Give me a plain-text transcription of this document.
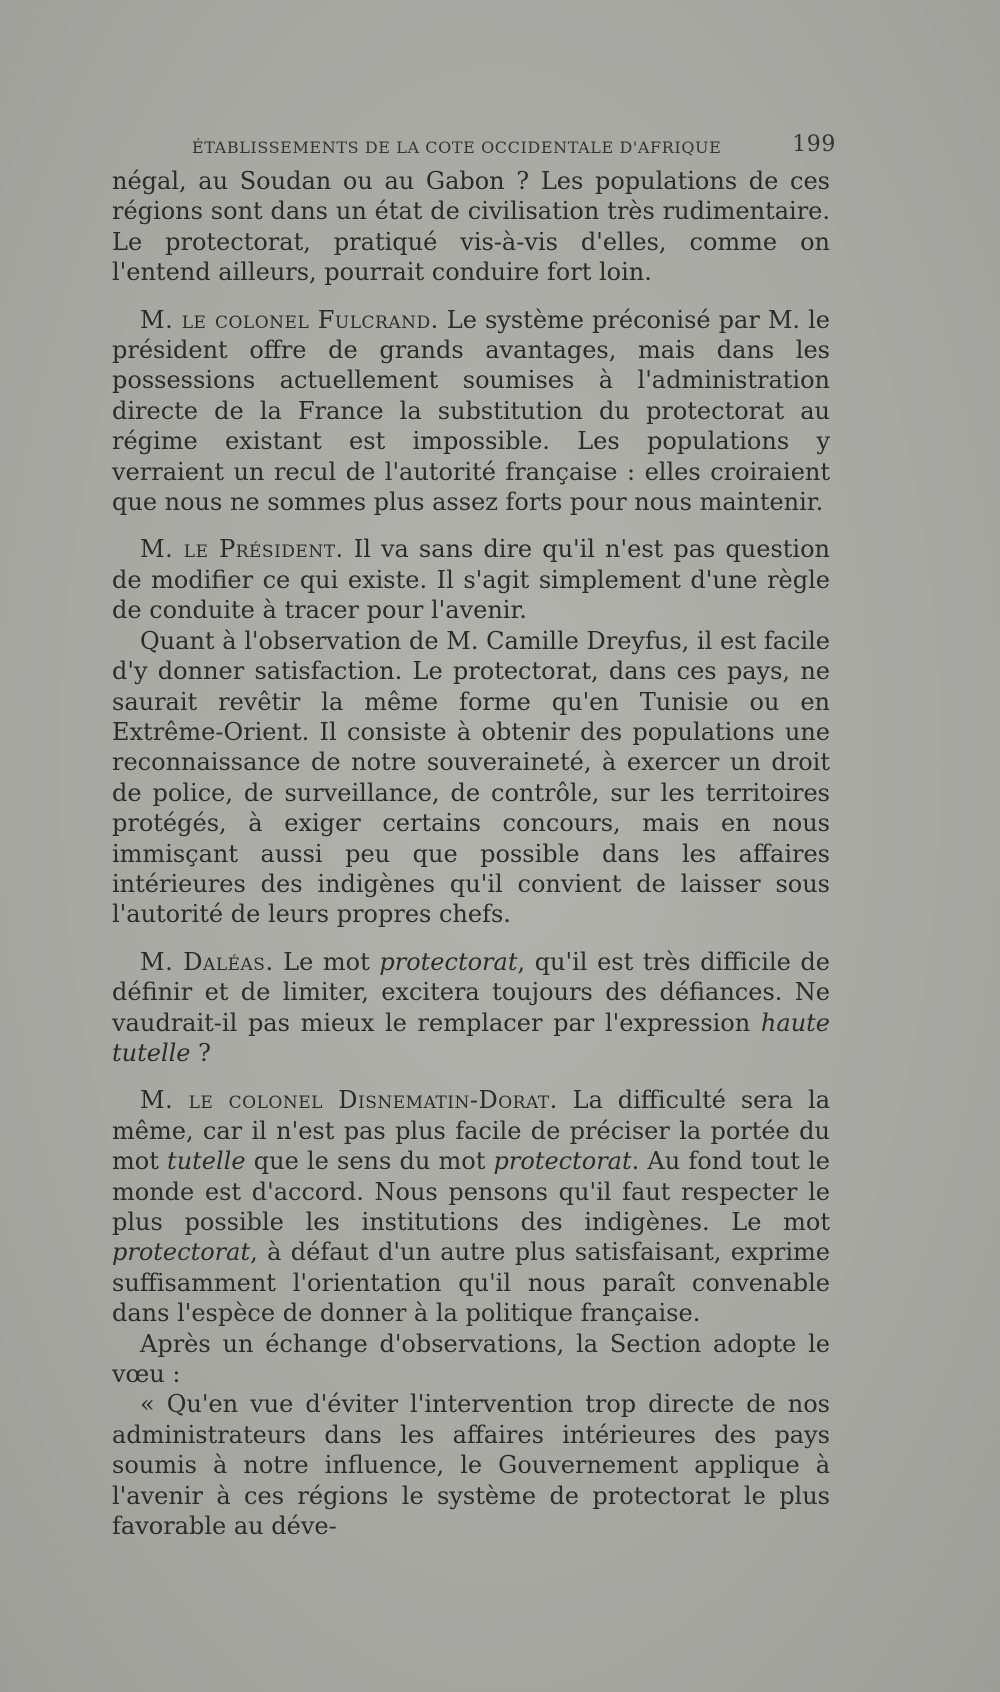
ÉTABLISSEMENTS DE LA COTE OCCIDENTALE D'AFRIQUE	199

négal, au Soudan ou au Gabon ? Les populations de ces régions sont dans un état de civilisation très rudimentaire. Le protectorat, pratiqué vis-à-vis d'elles, comme on l'entend ailleurs, pourrait conduire fort loin.

M. le colonel Fulcrand. Le système préconisé par M. le président offre de grands avantages, mais dans les possessions actuellement soumises à l'administration directe de la France la substitution du protectorat au régime existant est impossible. Les populations y verraient un recul de l'autorité française : elles croiraient que nous ne sommes plus assez forts pour nous maintenir.

M. le Président. Il va sans dire qu'il n'est pas question de modifier ce qui existe. Il s'agit simplement d'une règle de conduite à tracer pour l'avenir.

Quant à l'observation de M. Camille Dreyfus, il est facile d'y donner satisfaction. Le protectorat, dans ces pays, ne saurait revêtir la même forme qu'en Tunisie ou en Extrême-Orient. Il consiste à obtenir des populations une reconnaissance de notre souveraineté, à exercer un droit de police, de surveillance, de contrôle, sur les territoires protégés, à exiger certains concours, mais en nous immisçant aussi peu que possible dans les affaires intérieures des indigènes qu'il convient de laisser sous l'autorité de leurs propres chefs.

M. Daléas. Le mot protectorat, qu'il est très difficile de définir et de limiter, excitera toujours des défiances. Ne vaudrait-il pas mieux le remplacer par l'expression haute tutelle ?

M. le colonel Disnematin-Dorat. La difficulté sera la même, car il n'est pas plus facile de préciser la portée du mot tutelle que le sens du mot protectorat. Au fond tout le monde est d'accord. Nous pensons qu'il faut respecter le plus possible les institutions des indigènes. Le mot protectorat, à défaut d'un autre plus satisfaisant, exprime suffisamment l'orientation qu'il nous paraît convenable dans l'espèce de donner à la politique française.

Après un échange d'observations, la Section adopte le vœu :

« Qu'en vue d'éviter l'intervention trop directe de nos administrateurs dans les affaires intérieures des pays soumis à notre influence, le Gouvernement applique à l'avenir à ces régions le système de protectorat le plus favorable au déve-
